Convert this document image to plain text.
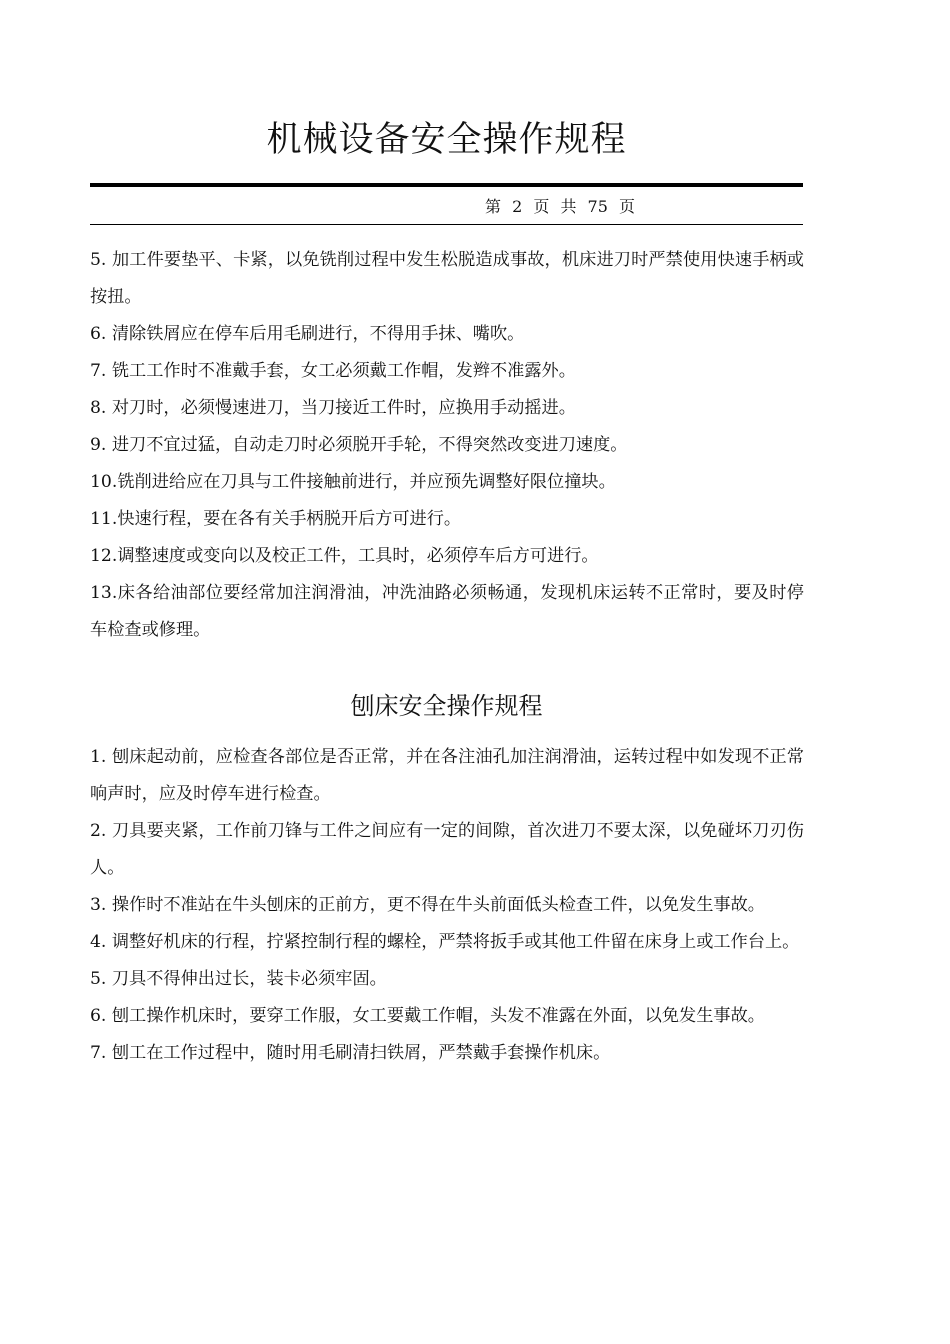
机械设备安全操作规程
第 2 页 共 75 页

5. 加工件要垫平、卡紧，以免铣削过程中发生松脱造成事故，机床进刀时严禁使用快速手柄或按扭。

6. 清除铁屑应在停车后用毛刷进行，不得用手抹、嘴吹。

7. 铣工工作时不准戴手套，女工必须戴工作帽，发辫不准露外。

8. 对刀时，必须慢速进刀，当刀接近工件时，应换用手动摇进。

9. 进刀不宜过猛，自动走刀时必须脱开手轮，不得突然改变进刀速度。

10.铣削进给应在刀具与工件接触前进行，并应预先调整好限位撞块。

11.快速行程，要在各有关手柄脱开后方可进行。

12.调整速度或变向以及校正工件，工具时，必须停车后方可进行。

13.床各给油部位要经常加注润滑油，冲洗油路必须畅通，发现机床运转不正常时，要及时停车检查或修理。

刨床安全操作规程

1. 刨床起动前，应检查各部位是否正常，并在各注油孔加注润滑油，运转过程中如发现不正常响声时，应及时停车进行检查。

2. 刀具要夹紧，工作前刀锋与工件之间应有一定的间隙，首次进刀不要太深，以免碰坏刀刃伤人。

3. 操作时不准站在牛头刨床的正前方，更不得在牛头前面低头检查工件，以免发生事故。

4. 调整好机床的行程，拧紧控制行程的螺栓，严禁将扳手或其他工件留在床身上或工作台上。

5. 刀具不得伸出过长，装卡必须牢固。

6. 刨工操作机床时，要穿工作服，女工要戴工作帽，头发不准露在外面，以免发生事故。

7. 刨工在工作过程中，随时用毛刷清扫铁屑，严禁戴手套操作机床。
